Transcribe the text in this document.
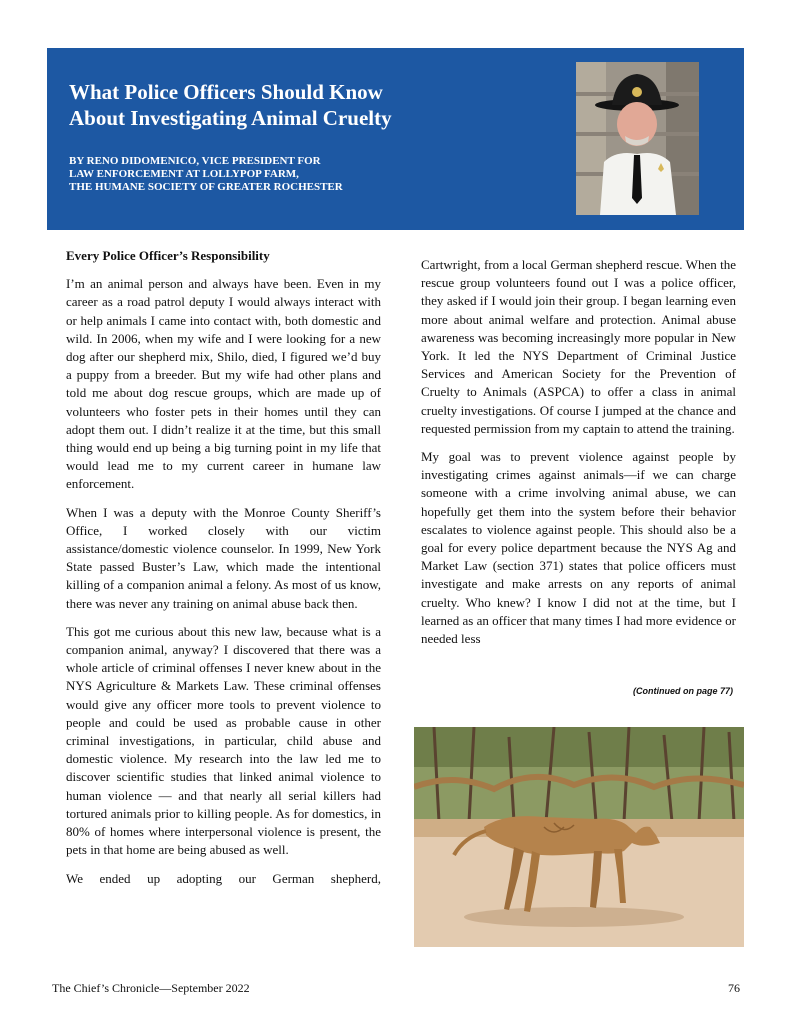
What Police Officers Should Know
About Investigating Animal Cruelty
BY RENO DIDOMENICO, VICE PRESIDENT FOR
LAW ENFORCEMENT AT LOLLYPOP FARM,
THE HUMANE SOCIETY OF GREATER ROCHESTER

Every Police Officer’s Responsibility

I’m an animal person and always have been. Even in my career as a road patrol deputy I would always interact with or help animals I came into contact with, both domestic and wild. In 2006, when my wife and I were looking for a new dog after our shepherd mix, Shilo, died, I figured we’d buy a puppy from a breeder. But my wife had other plans and told me about dog rescue groups, which are made up of volunteers who foster pets in their homes until they can adopt them out. I didn’t realize it at the time, but this small thing would end up being a big turning point in my life that would lead me to my current career in humane law enforcement.

When I was a deputy with the Monroe County Sheriff’s Office, I worked closely with our victim assistance/domestic violence counselor. In 1999, New York State passed Buster’s Law, which made the intentional killing of a companion animal a felony. As most of us know, there was never any training on animal abuse back then.

This got me curious about this new law, because what is a companion animal, anyway? I discovered that there was a whole article of criminal offenses I never knew about in the NYS Agriculture & Markets Law. These criminal offenses would give any officer more tools to prevent violence to people and could be used as probable cause in other criminal investigations, in particular, child abuse and domestic violence. My research into the law led me to discover scientific studies that linked animal violence to human violence — and that nearly all serial killers had tortured animals prior to killing people. As for domestics, in 80% of homes where interpersonal violence is present, the pets in that home are being abused as well.

We ended up adopting our German shepherd,

Cartwright, from a local German shepherd rescue. When the rescue group volunteers found out I was a police officer, they asked if I would join their group. I began learning even more about animal welfare and protection. Animal abuse awareness was becoming increasingly more popular in New York. It led the NYS Department of Criminal Justice Services and American Society for the Prevention of Cruelty to Animals (ASPCA) to offer a class in animal cruelty investigations. Of course I jumped at the chance and requested permission from my captain to attend the training.

My goal was to prevent violence against people by investigating crimes against animals—if we can charge someone with a crime involving animal abuse, we can hopefully get them into the system before their behavior escalates to violence against people. This should also be a goal for every police department because the NYS Ag and Market Law (section 371) states that police officers must investigate and make arrests on any reports of animal cruelty. Who knew? I know I did not at the time, but I learned as an officer that many times I had more evidence or needed less

(Continued on page 77)
The Chief’s Chronicle—September 2022	76
